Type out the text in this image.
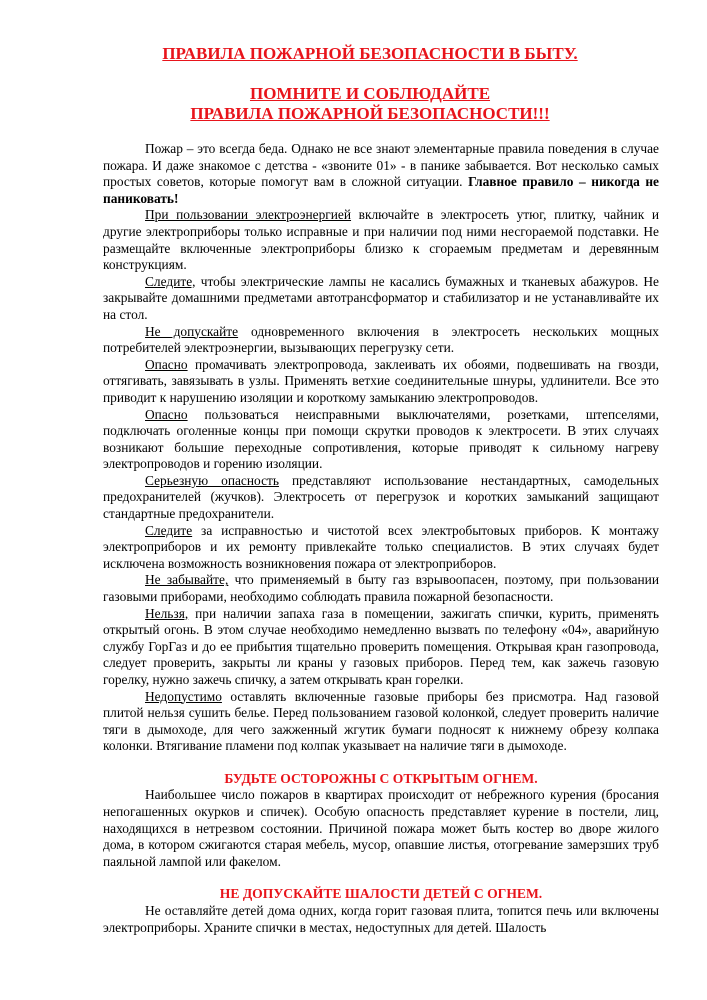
ПРАВИЛА ПОЖАРНОЙ БЕЗОПАСНОСТИ В БЫТУ.
ПОМНИТЕ И СОБЛЮДАЙТЕ
ПРАВИЛА ПОЖАРНОЙ БЕЗОПАСНОСТИ!!!

Пожар – это всегда беда. Однако не все знают элементарные правила поведения в случае пожара. И даже знакомое с детства - «звоните 01» - в панике забывается. Вот несколько самых простых советов, которые помогут вам в сложной ситуации. Главное правило – никогда не паниковать!

При пользовании электроэнергией включайте в электросеть утюг, плитку, чайник и другие электроприборы только исправные и при наличии под ними несгораемой подставки. Не размещайте включенные электроприборы близко к сгораемым предметам и деревянным конструкциям.

Следите, чтобы электрические лампы не касались бумажных и тканевых абажуров. Не закрывайте домашними предметами автотрансформатор и стабилизатор и не устанавливайте их на стол.

Не допускайте одновременного включения в электросеть нескольких мощных потребителей электроэнергии, вызывающих перегрузку сети.

Опасно промачивать электропровода, заклеивать их обоями, подвешивать на гвозди, оттягивать, завязывать в узлы. Применять ветхие соединительные шнуры, удлинители. Все это приводит к нарушению изоляции и короткому замыканию электропроводов.

Опасно пользоваться неисправными выключателями, розетками, штепселями, подключать оголенные концы при помощи скрутки проводов к электросети. В этих случаях возникают большие переходные сопротивления, которые приводят к сильному нагреву электропроводов и горению изоляции.

Серьезную опасность представляют использование нестандартных, самодельных предохранителей (жучков). Электросеть от перегрузок и коротких замыканий защищают стандартные предохранители.

Следите за исправностью и чистотой всех электробытовых приборов. К монтажу электроприборов и их ремонту привлекайте только специалистов. В этих случаях будет исключена возможность возникновения пожара от электроприборов.

Не забывайте, что применяемый в быту газ взрывоопасен, поэтому, при пользовании газовыми приборами, необходимо соблюдать правила пожарной безопасности.

Нельзя, при наличии запаха газа в помещении, зажигать спички, курить, применять открытый огонь. В этом случае необходимо немедленно вызвать по телефону «04», аварийную службу ГорГаз и до ее прибытия тщательно проверить помещения. Открывая кран газопровода, следует проверить, закрыты ли краны у газовых приборов. Перед тем, как зажечь газовую горелку, нужно зажечь спичку, а затем открывать кран горелки.

Недопустимо оставлять включенные газовые приборы без присмотра. Над газовой плитой нельзя сушить белье. Перед пользованием газовой колонкой, следует проверить наличие тяги в дымоходе, для чего зажженный жгутик бумаги подносят к нижнему обрезу колпака колонки. Втягивание пламени под колпак указывает на наличие тяги в дымоходе.

БУДЬТЕ ОСТОРОЖНЫ С ОТКРЫТЫМ ОГНЕМ.

Наибольшее число пожаров в квартирах происходит от небрежного курения (бросания непогашенных окурков и спичек). Особую опасность представляет курение в постели, лиц, находящихся в нетрезвом состоянии. Причиной пожара может быть костер во дворе жилого дома, в котором сжигаются старая мебель, мусор, опавшие листья, отогревание замерзших труб паяльной лампой или факелом.

НЕ ДОПУСКАЙТЕ ШАЛОСТИ ДЕТЕЙ С ОГНЕМ.

Не оставляйте детей дома одних, когда горит газовая плита, топится печь или включены электроприборы. Храните спички в местах, недоступных для детей. Шалость
